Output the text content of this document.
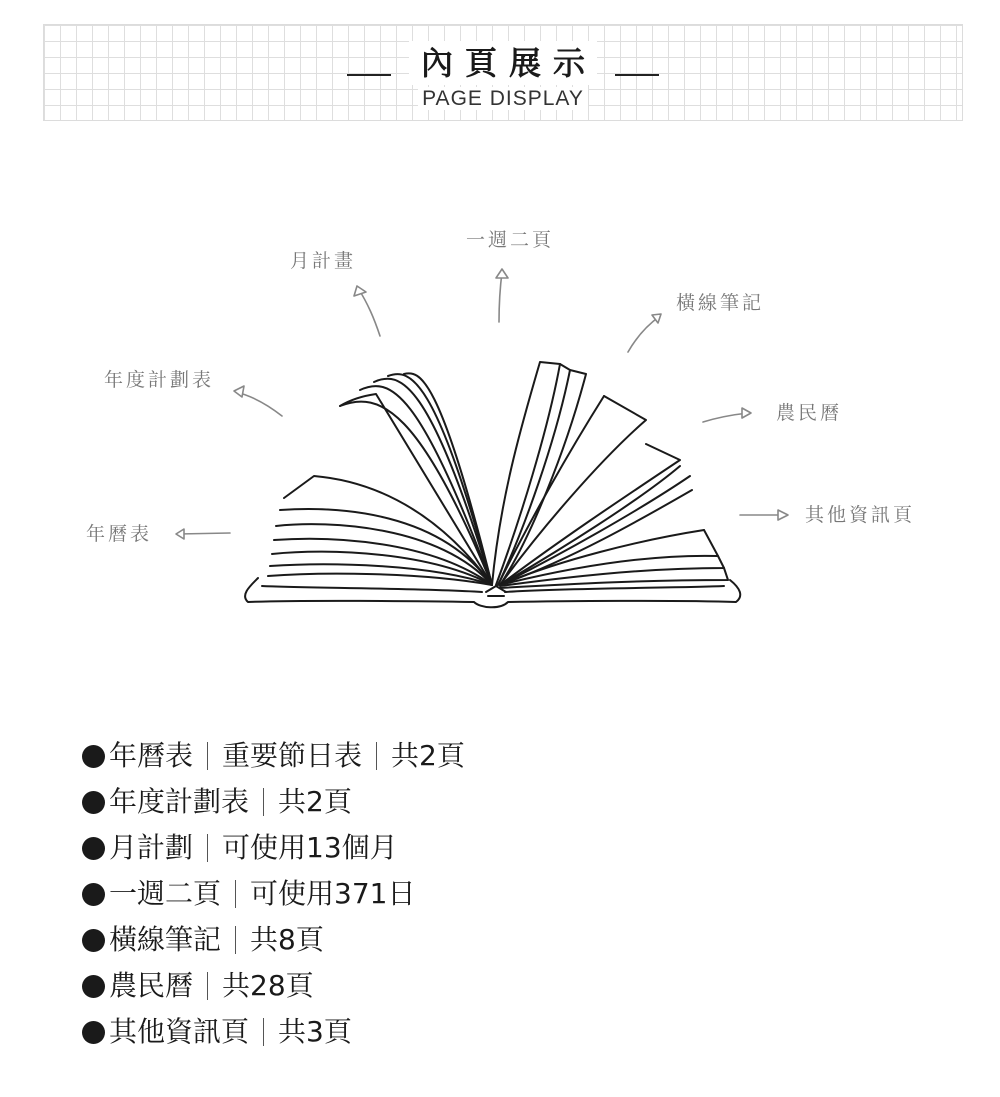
內頁展示
PAGE DISPLAY
年曆表
年度計劃表
月計畫
一週二頁
橫線筆記
農民曆
其他資訊頁
年曆表 重要節日表 共2頁
年度計劃表 共2頁
月計劃 可使用13個月
一週二頁 可使用371日
橫線筆記 共8頁
農民曆 共28頁
其他資訊頁 共3頁
